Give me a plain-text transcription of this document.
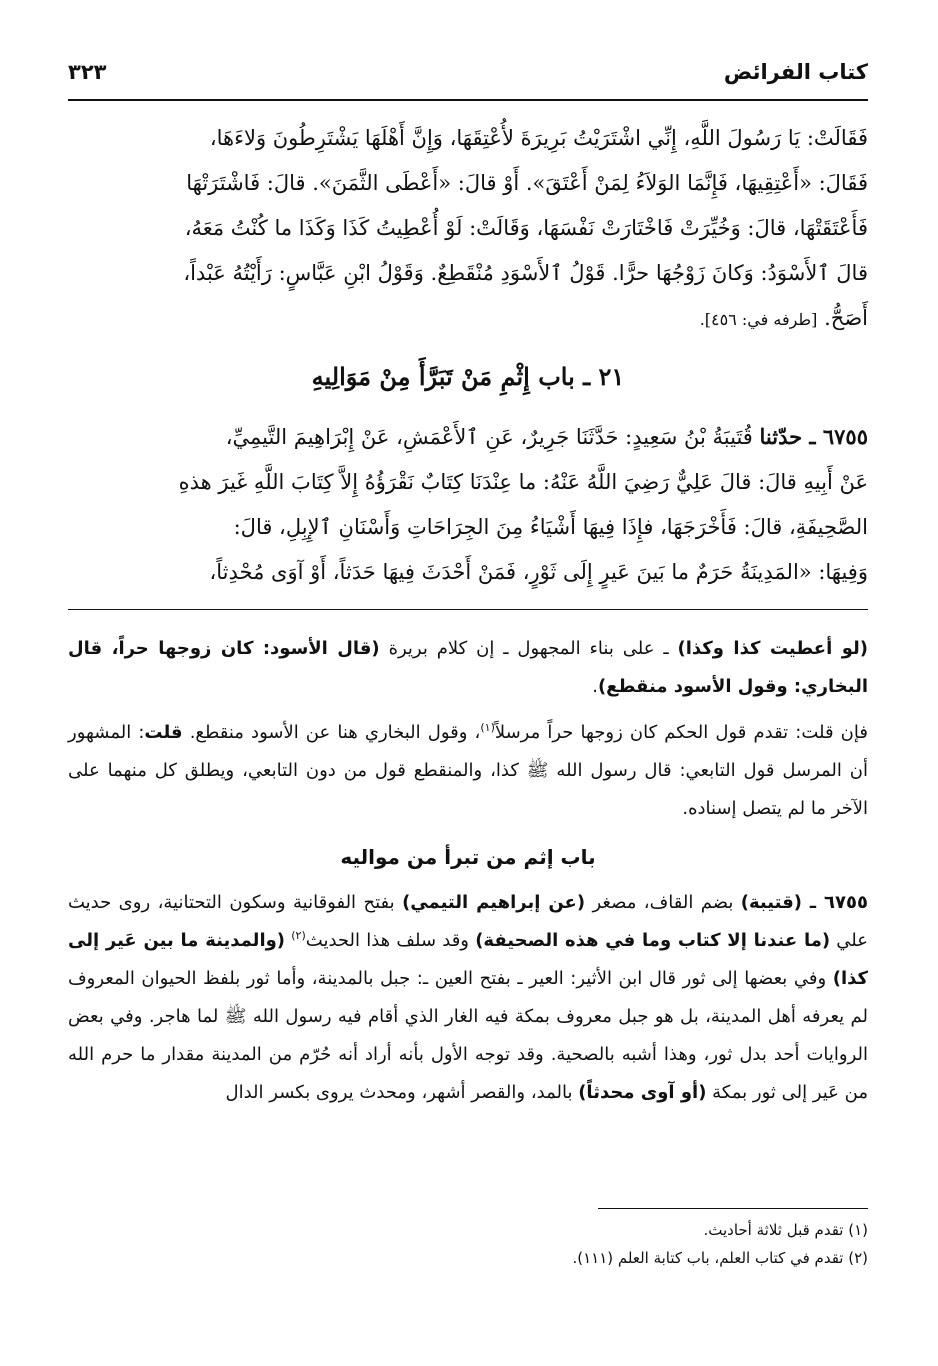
كتاب الفرائض
٣٢٣

فَقَالَتْ: يَا رَسُولَ اللَّهِ، إِنِّي اشْتَرَيْتُ بَرِيرَةَ لأُعْتِقَهَا، وَإِنَّ أَهْلَهَا يَشْتَرِطُونَ وَلاءَهَا،

فَقَالَ: «أَعْتِقِيهَا، فَإِنَّمَا الوَلاَءُ لِمَنْ أَعْتَقَ». أَوْ قالَ: «أَعْطَى الثَّمَنَ». قالَ: فَاشْتَرَتْهَا

فَأَعْتَقَتْهَا، قالَ: وَخُيِّرَتْ فَاخْتَارَتْ نَفْسَهَا، وَقَالَتْ: لَوْ أُعْطِيتُ كَذَا وَكَذَا ما كُنْتُ مَعَهُ،

قالَ ٱلأَسْوَدُ: وَكانَ زَوْجُهَا حرًّا. قَوْلُ ٱلأَسْوَدِ مُنْقَطِعٌ. وَقَوْلُ ابْنِ عَبَّاسٍ: رَأَيْتُهُ عَبْداً،

أَصَحُّ. [طرفه في: ٤٥٦].

٢١ ـ باب إِثْمِ مَنْ تَبَرَّأَ مِنْ مَوَالِيهِ

٦٧٥٥ ـ حدّثنا قُتَيبَةُ بْنُ سَعِيدٍ: حَدَّثَنَا جَرِيرٌ، عَنِ ٱلأَعْمَشِ، عَنْ إِبْرَاهِيمَ التَّيمِيِّ،

عَنْ أَبِيهِ قالَ: قالَ عَلِيٌّ رَضِيَ اللَّهُ عَنْهُ: ما عِنْدَنَا كِتَابٌ نَقْرَؤُهُ إِلاَّ كِتَابَ اللَّهِ غَيرَ هذهِ

الصَّحِيفَةِ، قالَ: فَأَخْرَجَهَا، فإِذَا فِيهَا أَشْيَاءُ مِنَ الجِرَاحَاتِ وَأَسْنَانِ ٱلإِبِلِ، قالَ:

وَفِيهَا: «المَدِينَةُ حَرَمٌ ما بَينَ عَيرٍ إِلَى ثَوْرٍ، فَمَنْ أَحْدَثَ فِيهَا حَدَثاً، أَوْ آوَى مُحْدِثاً،

(لو أعطيت كذا وكذا) ـ على بناء المجهول ـ إن كلام بريرة (قال الأسود: كان زوجها حراً، قال البخاري: وقول الأسود منقطع).

فإن قلت: تقدم قول الحكم كان زوجها حراً مرسلاً$^{(١)}$، وقول البخاري هنا عن الأسود منقطع. قلت: المشهور أن المرسل قول التابعي: قال رسول الله ﷺ كذا، والمنقطع قول من دون التابعي، ويطلق كل منهما على الآخر ما لم يتصل إسناده.

باب إثم من تبرأ من مواليه

٦٧٥٥ ـ (قتيبة) بضم القاف، مصغر (عن إبراهيم التيمي) بفتح الفوقانية وسكون التحتانية، روى حديث علي (ما عندنا إلا كتاب وما في هذه الصحيفة) وقد سلف هذا الحديث$^{(٢)}$ (والمدينة ما بين عَير إلى كذا) وفي بعضها إلى ثور قال ابن الأثير: العير ـ بفتح العين ـ: جبل بالمدينة، وأما ثور بلفظ الحيوان المعروف لم يعرفه أهل المدينة، بل هو جبل معروف بمكة فيه الغار الذي أقام فيه رسول الله ﷺ لما هاجر. وفي بعض الروايات أحد بدل ثور، وهذا أشبه بالصحية. وقد توجه الأول بأنه أراد أنه حُرّم من المدينة مقدار ما حرم الله من عَير إلى ثور بمكة (أو آوى محدثاً) بالمد، والقصر أشهر، ومحدث يروى بكسر الدال

(١) تقدم قبل ثلاثة أحاديث.
(٢) تقدم في كتاب العلم، باب كتابة العلم (١١١).
